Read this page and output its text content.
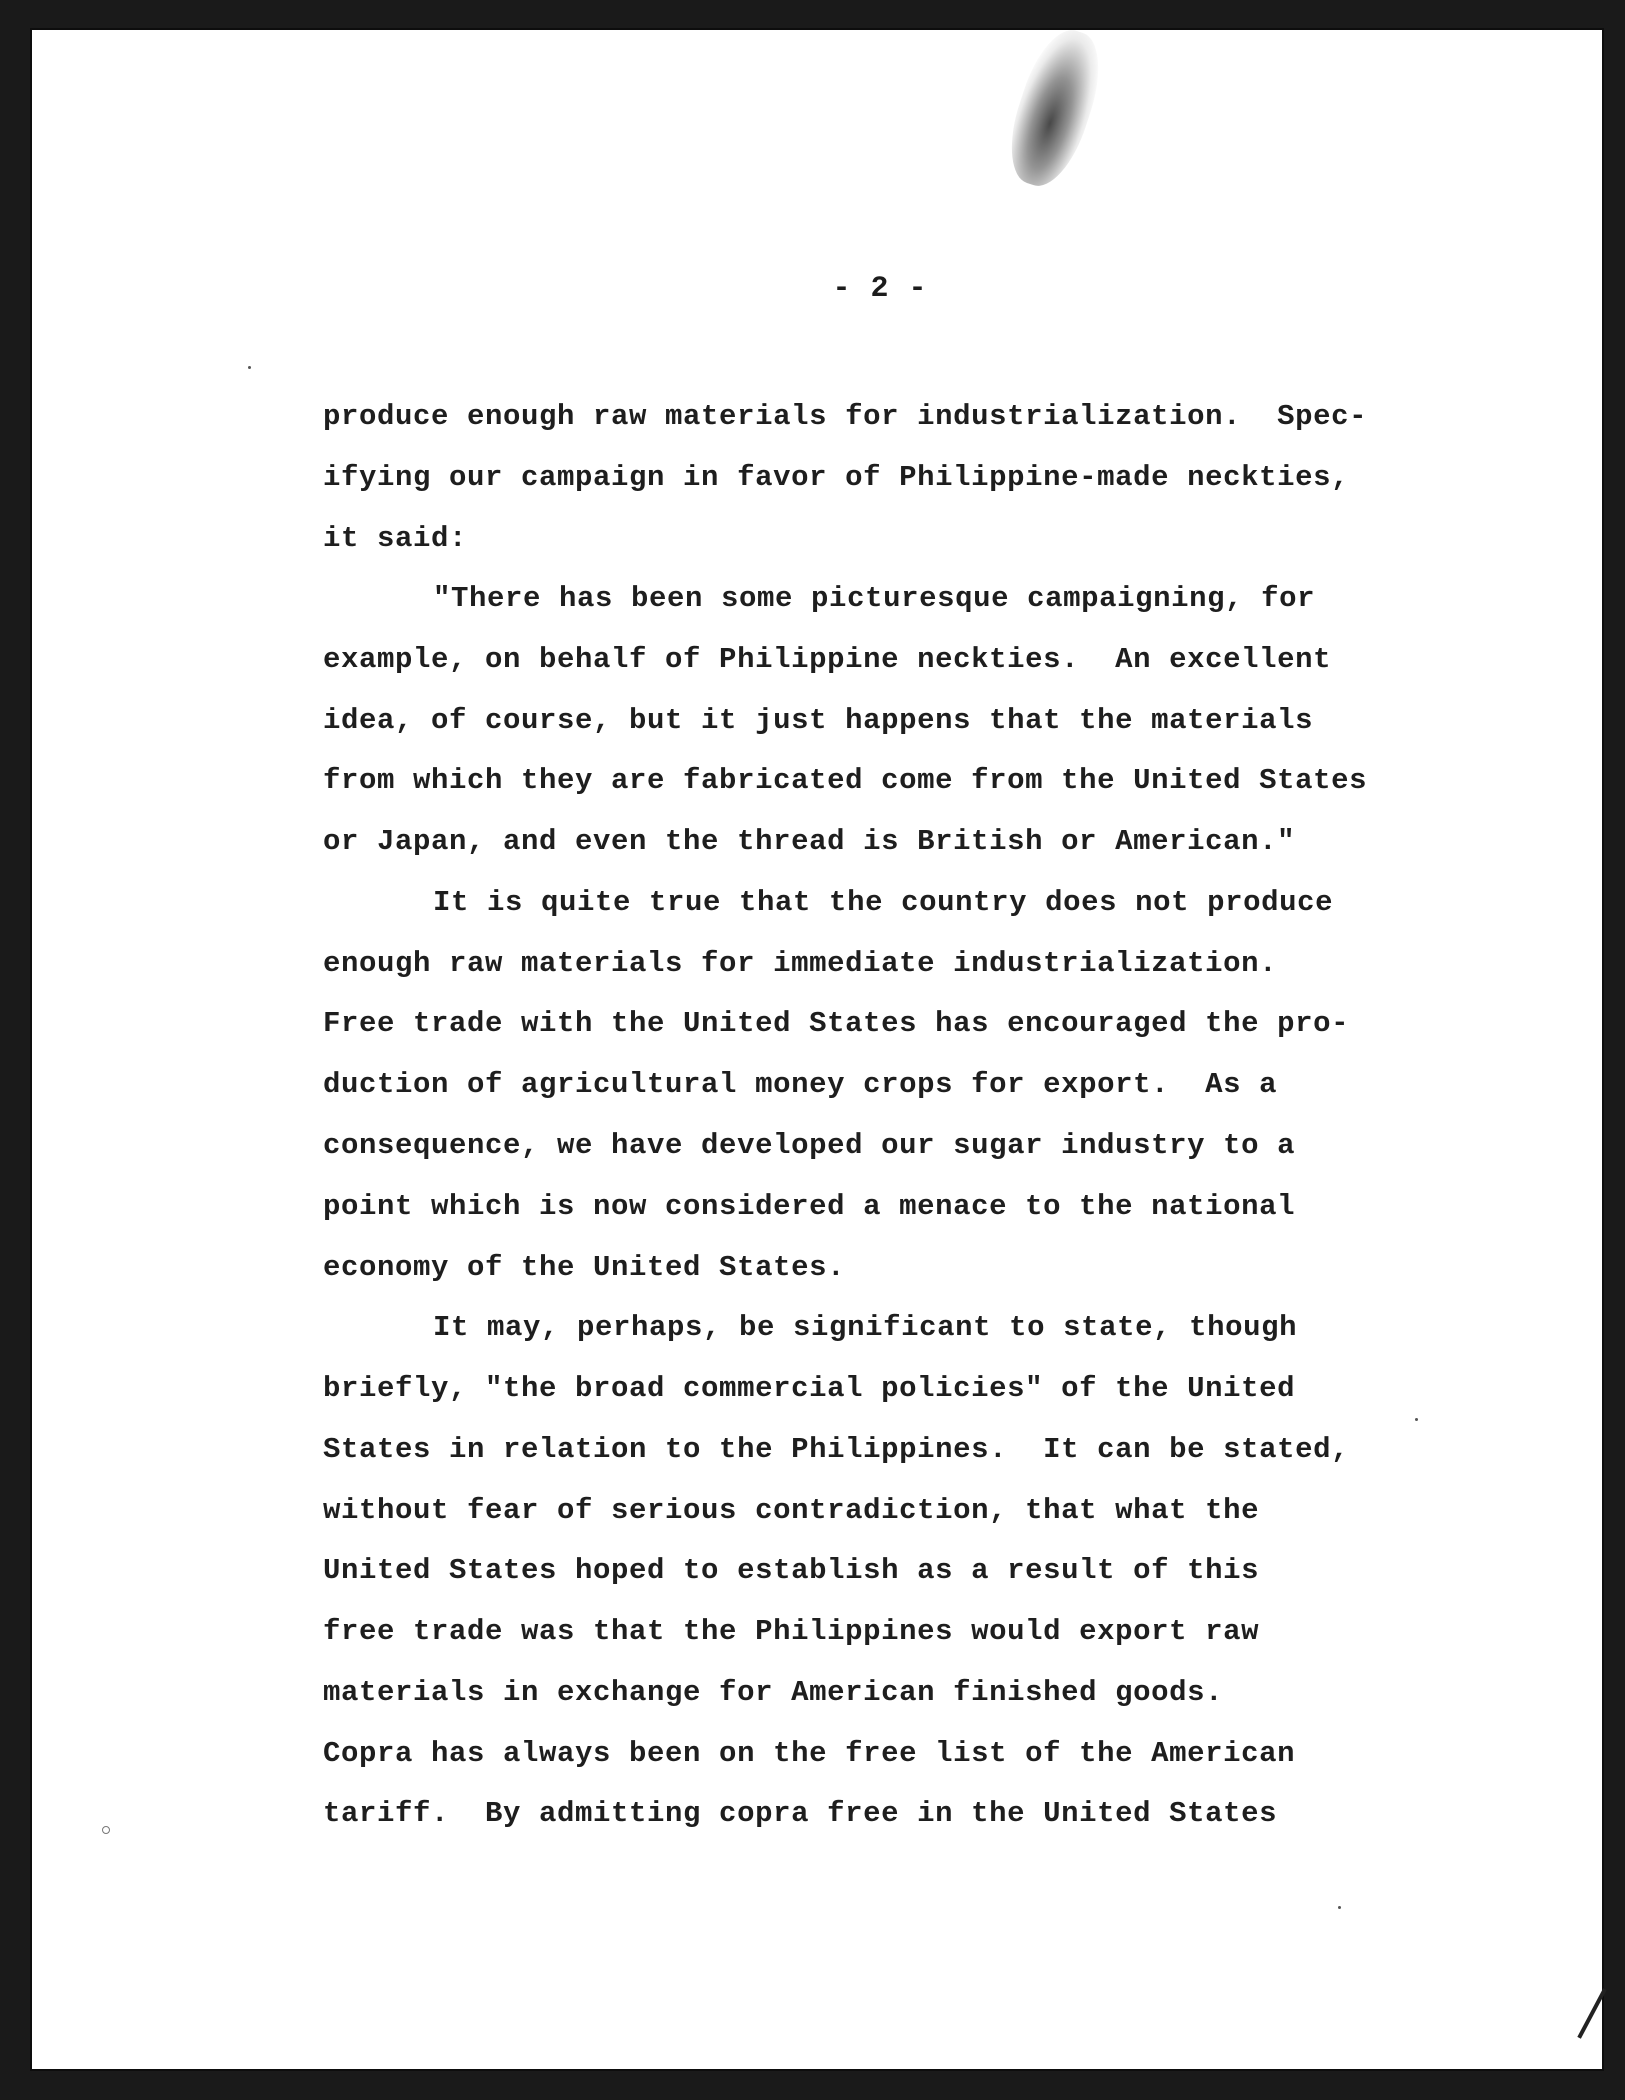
- 2 -
produce enough raw materials for industrialization.  Spec-
ifying our campaign in favor of Philippine-made neckties,
it said:
"There has been some picturesque campaigning, for
example, on behalf of Philippine neckties.  An excellent
idea, of course, but it just happens that the materials
from which they are fabricated come from the United States
or Japan, and even the thread is British or American."
It is quite true that the country does not produce
enough raw materials for immediate industrialization.
Free trade with the United States has encouraged the pro-
duction of agricultural money crops for export.  As a
consequence, we have developed our sugar industry to a
point which is now considered a menace to the national
economy of the United States.
It may, perhaps, be significant to state, though
briefly, "the broad commercial policies" of the United
States in relation to the Philippines.  It can be stated,
without fear of serious contradiction, that what the
United States hoped to establish as a result of this
free trade was that the Philippines would export raw
materials in exchange for American finished goods.
Copra has always been on the free list of the American
tariff.  By admitting copra free in the United States
